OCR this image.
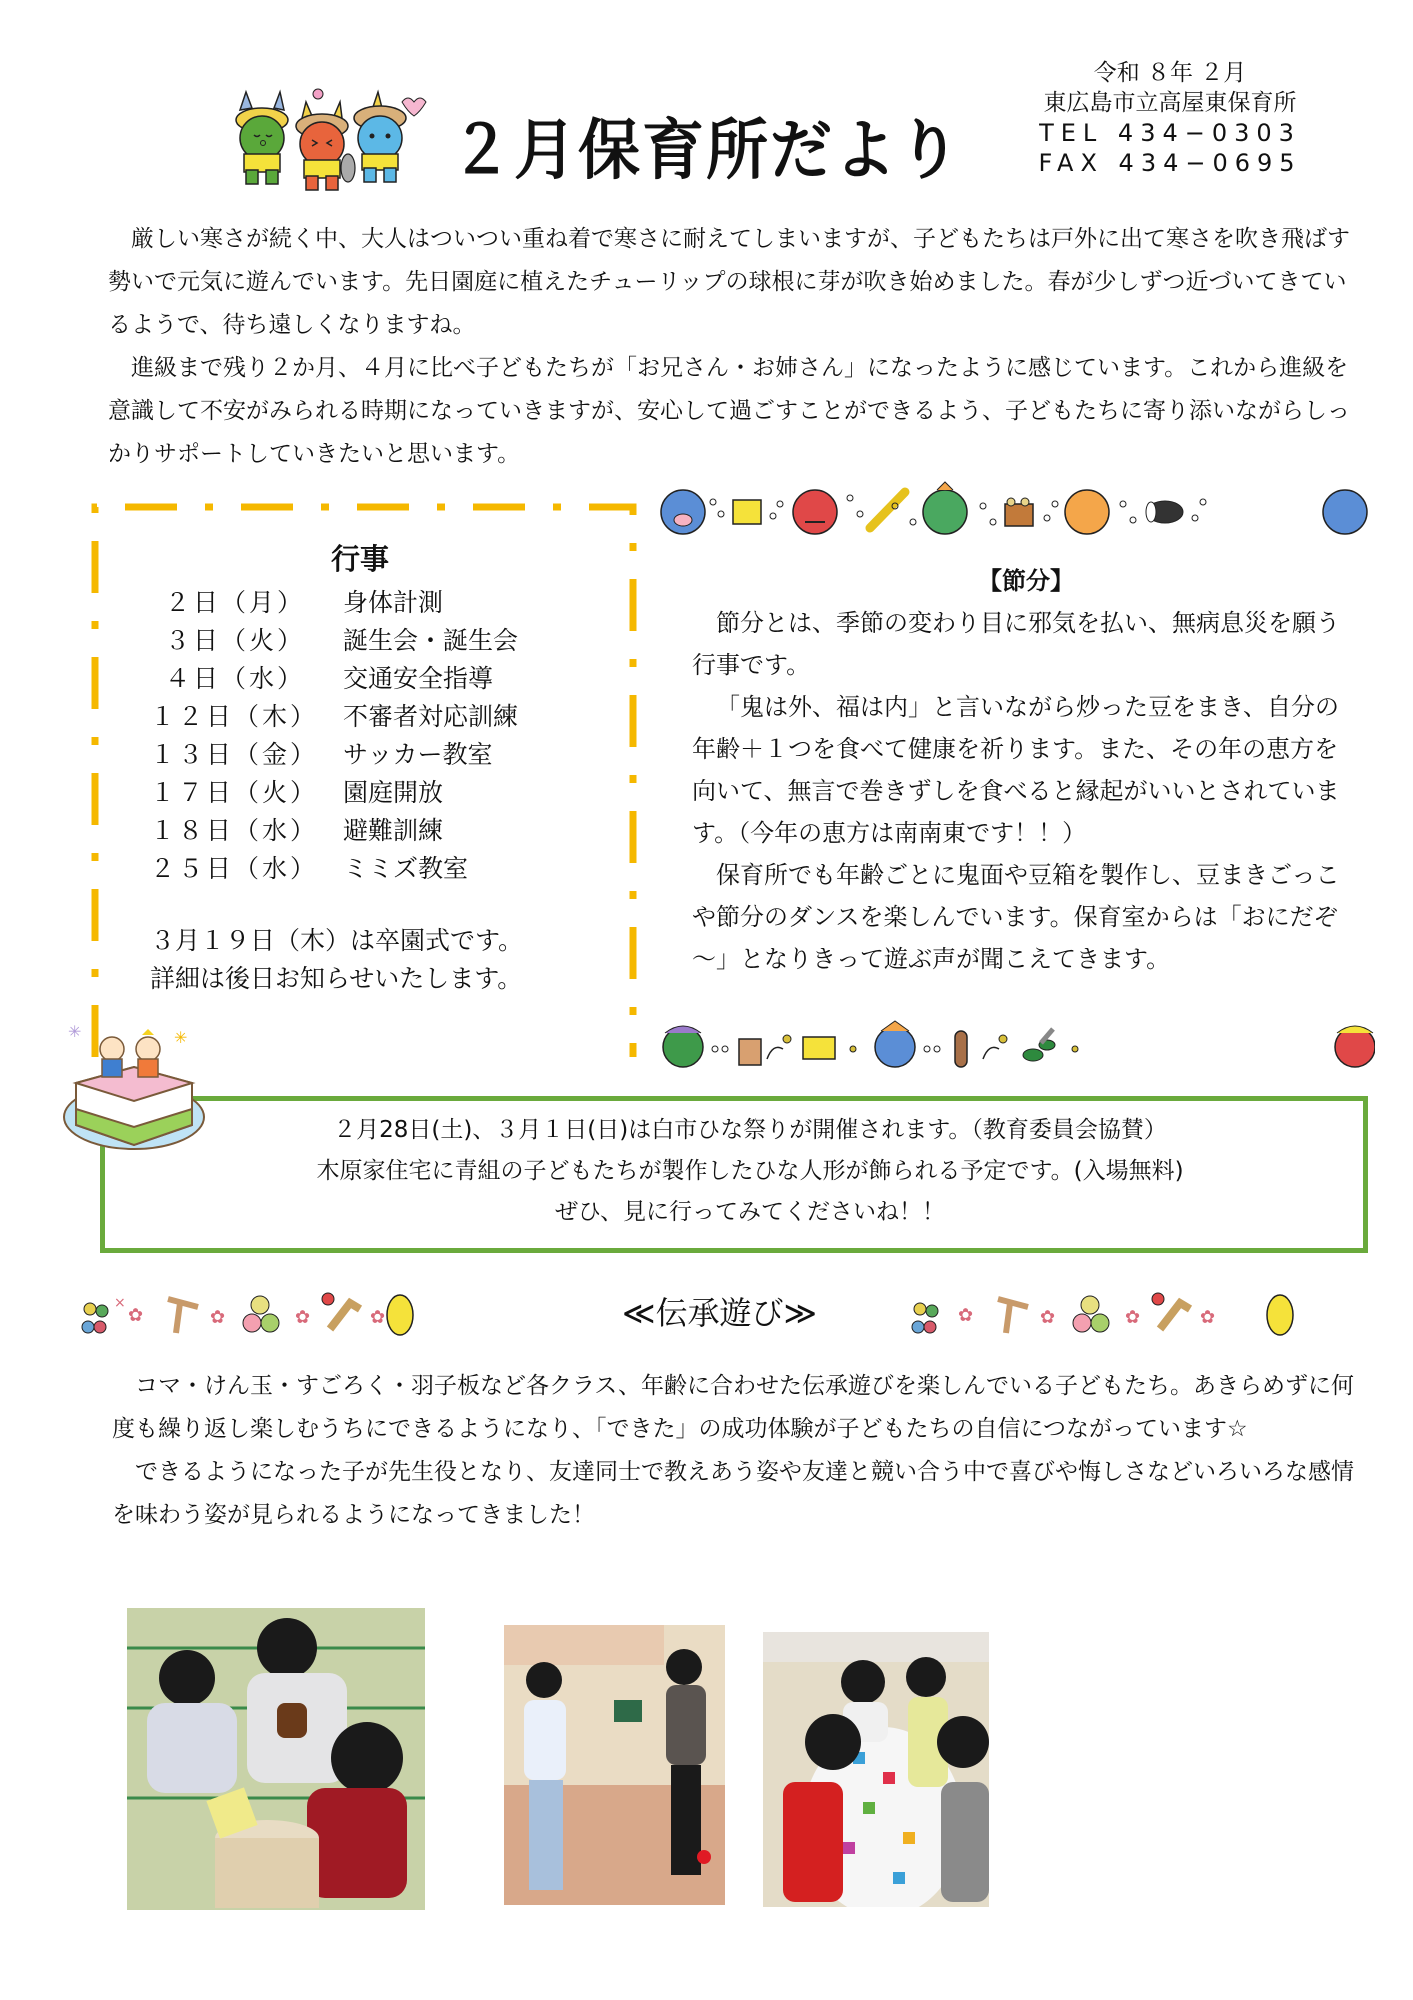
２月保育所だより
令和 ８年 ２月
東広島市立高屋東保育所
TEL 434−0303
FAX 434−0695

厳しい寒さが続く中、大人はついつい重ね着で寒さに耐えてしまいますが、子どもたちは戸外に出て寒さを吹き飛ばす勢いで元気に遊んでいます。先日園庭に植えたチューリップの球根に芽が吹き始めました。春が少しずつ近づいてきているようで、待ち遠しくなりますね。

進級まで残り２か月、４月に比べ子どもたちが「お兄さん・お姉さん」になったように感じています。これから進級を意識して不安がみられる時期になっていきますが、安心して過ごすことができるよう、子どもたちに寄り添いながらしっかりサポートしていきたいと思います。

行事
２日（月）	身体計測
３日（火）	誕生会・誕生会
４日（水）	交通安全指導
１２日（木） 不審者対応訓練
１３日（金） サッカー教室
１７日（火） 園庭開放
１８日（水） 避難訓練
２５日（水） ミミズ教室
３月１９日（木）は卒園式です。
詳細は後日お知らせいたします。
【節分】

節分とは、季節の変わり目に邪気を払い、無病息災を願う行事です。

「鬼は外、福は内」と言いながら炒った豆をまき、自分の年齢＋１つを食べて健康を祈ります。また、その年の恵方を向いて、無言で巻きずしを食べると縁起がいいとされています。（今年の恵方は南南東です！！）

保育所でも年齢ごとに鬼面や豆箱を製作し、豆まきごっこや節分のダンスを楽しんでいます。保育室からは「おにだぞ～」となりきって遊ぶ声が聞こえてきます。

✳	✳
２月28日(土)、３月１日(日)は白市ひな祭りが開催されます。（教育委員会協賛）
木原家住宅に青組の子どもたちが製作したひな人形が飾られる予定です。(入場無料)
ぜひ、見に行ってみてくださいね！！
×
✿	✿	✿	✿	✿	✿	✿	✿
≪伝承遊び≫

コマ・けん玉・すごろく・羽子板など各クラス、年齢に合わせた伝承遊びを楽しんでいる子どもたち。あきらめずに何度も繰り返し楽しむうちにできるようになり、「できた」の成功体験が子どもたちの自信につながっています☆

できるようになった子が先生役となり、友達同士で教えあう姿や友達と競い合う中で喜びや悔しさなどいろいろな感情を味わう姿が見られるようになってきました！
